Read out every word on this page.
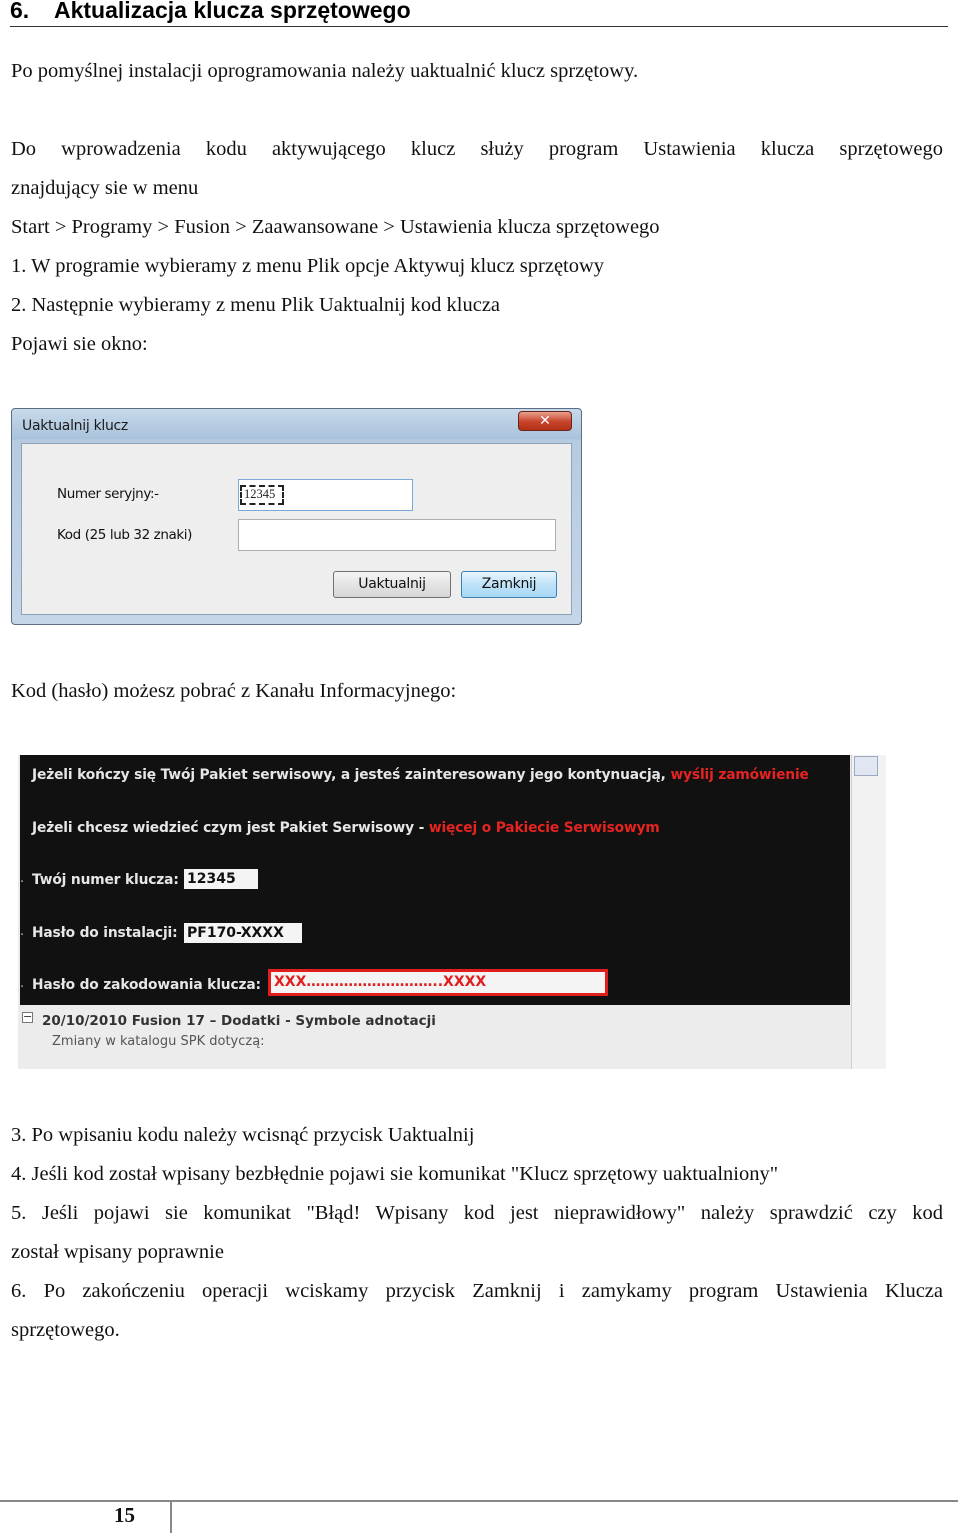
6. Aktualizacja klucza sprzętowego
Po pomyślnej instalacji oprogramowania należy uaktualnić klucz sprzętowy.
Do wprowadzenia kodu aktywującego klucz służy program Ustawienia klucza sprzętowego
znajdujący sie w menu
Start > Programy > Fusion > Zaawansowane > Ustawienia klucza sprzętowego
1. W programie wybieramy z menu Plik opcje Aktywuj klucz sprzętowy
2. Następnie wybieramy z menu Plik Uaktualnij kod klucza
Pojawi sie okno:
Uaktualnij klucz	✕
Numer seryjny:-	12345
Kod (25 lub 32 znaki)
Uaktualnij	Zamknij
Kod (hasło) możesz pobrać z Kanału Informacyjnego:
Jeżeli kończy się Twój Pakiet serwisowy, a jesteś zainteresowany jego kontynuacją, wyślij zamówienie
Jeżeli chcesz wiedzieć czym jest Pakiet Serwisowy - więcej o Pakiecie Serwisowym
. Twój numer klucza: 12345
. Hasło do instalacji: PF170-XXXX
. Hasło do zakodowania klucza: XXX………………………..XXXX
− 20/10/2010 Fusion 17 – Dodatki - Symbole adnotacji
Zmiany w katalogu SPK dotyczą:
3. Po wpisaniu kodu należy wcisnąć przycisk Uaktualnij
4. Jeśli kod został wpisany bezbłędnie pojawi sie komunikat "Klucz sprzętowy uaktualniony"
5. Jeśli pojawi sie komunikat "Błąd! Wpisany kod jest nieprawidłowy" należy sprawdzić czy kod
został wpisany poprawnie
6. Po zakończeniu operacji wciskamy przycisk Zamknij i zamykamy program Ustawienia Klucza
sprzętowego.
15
